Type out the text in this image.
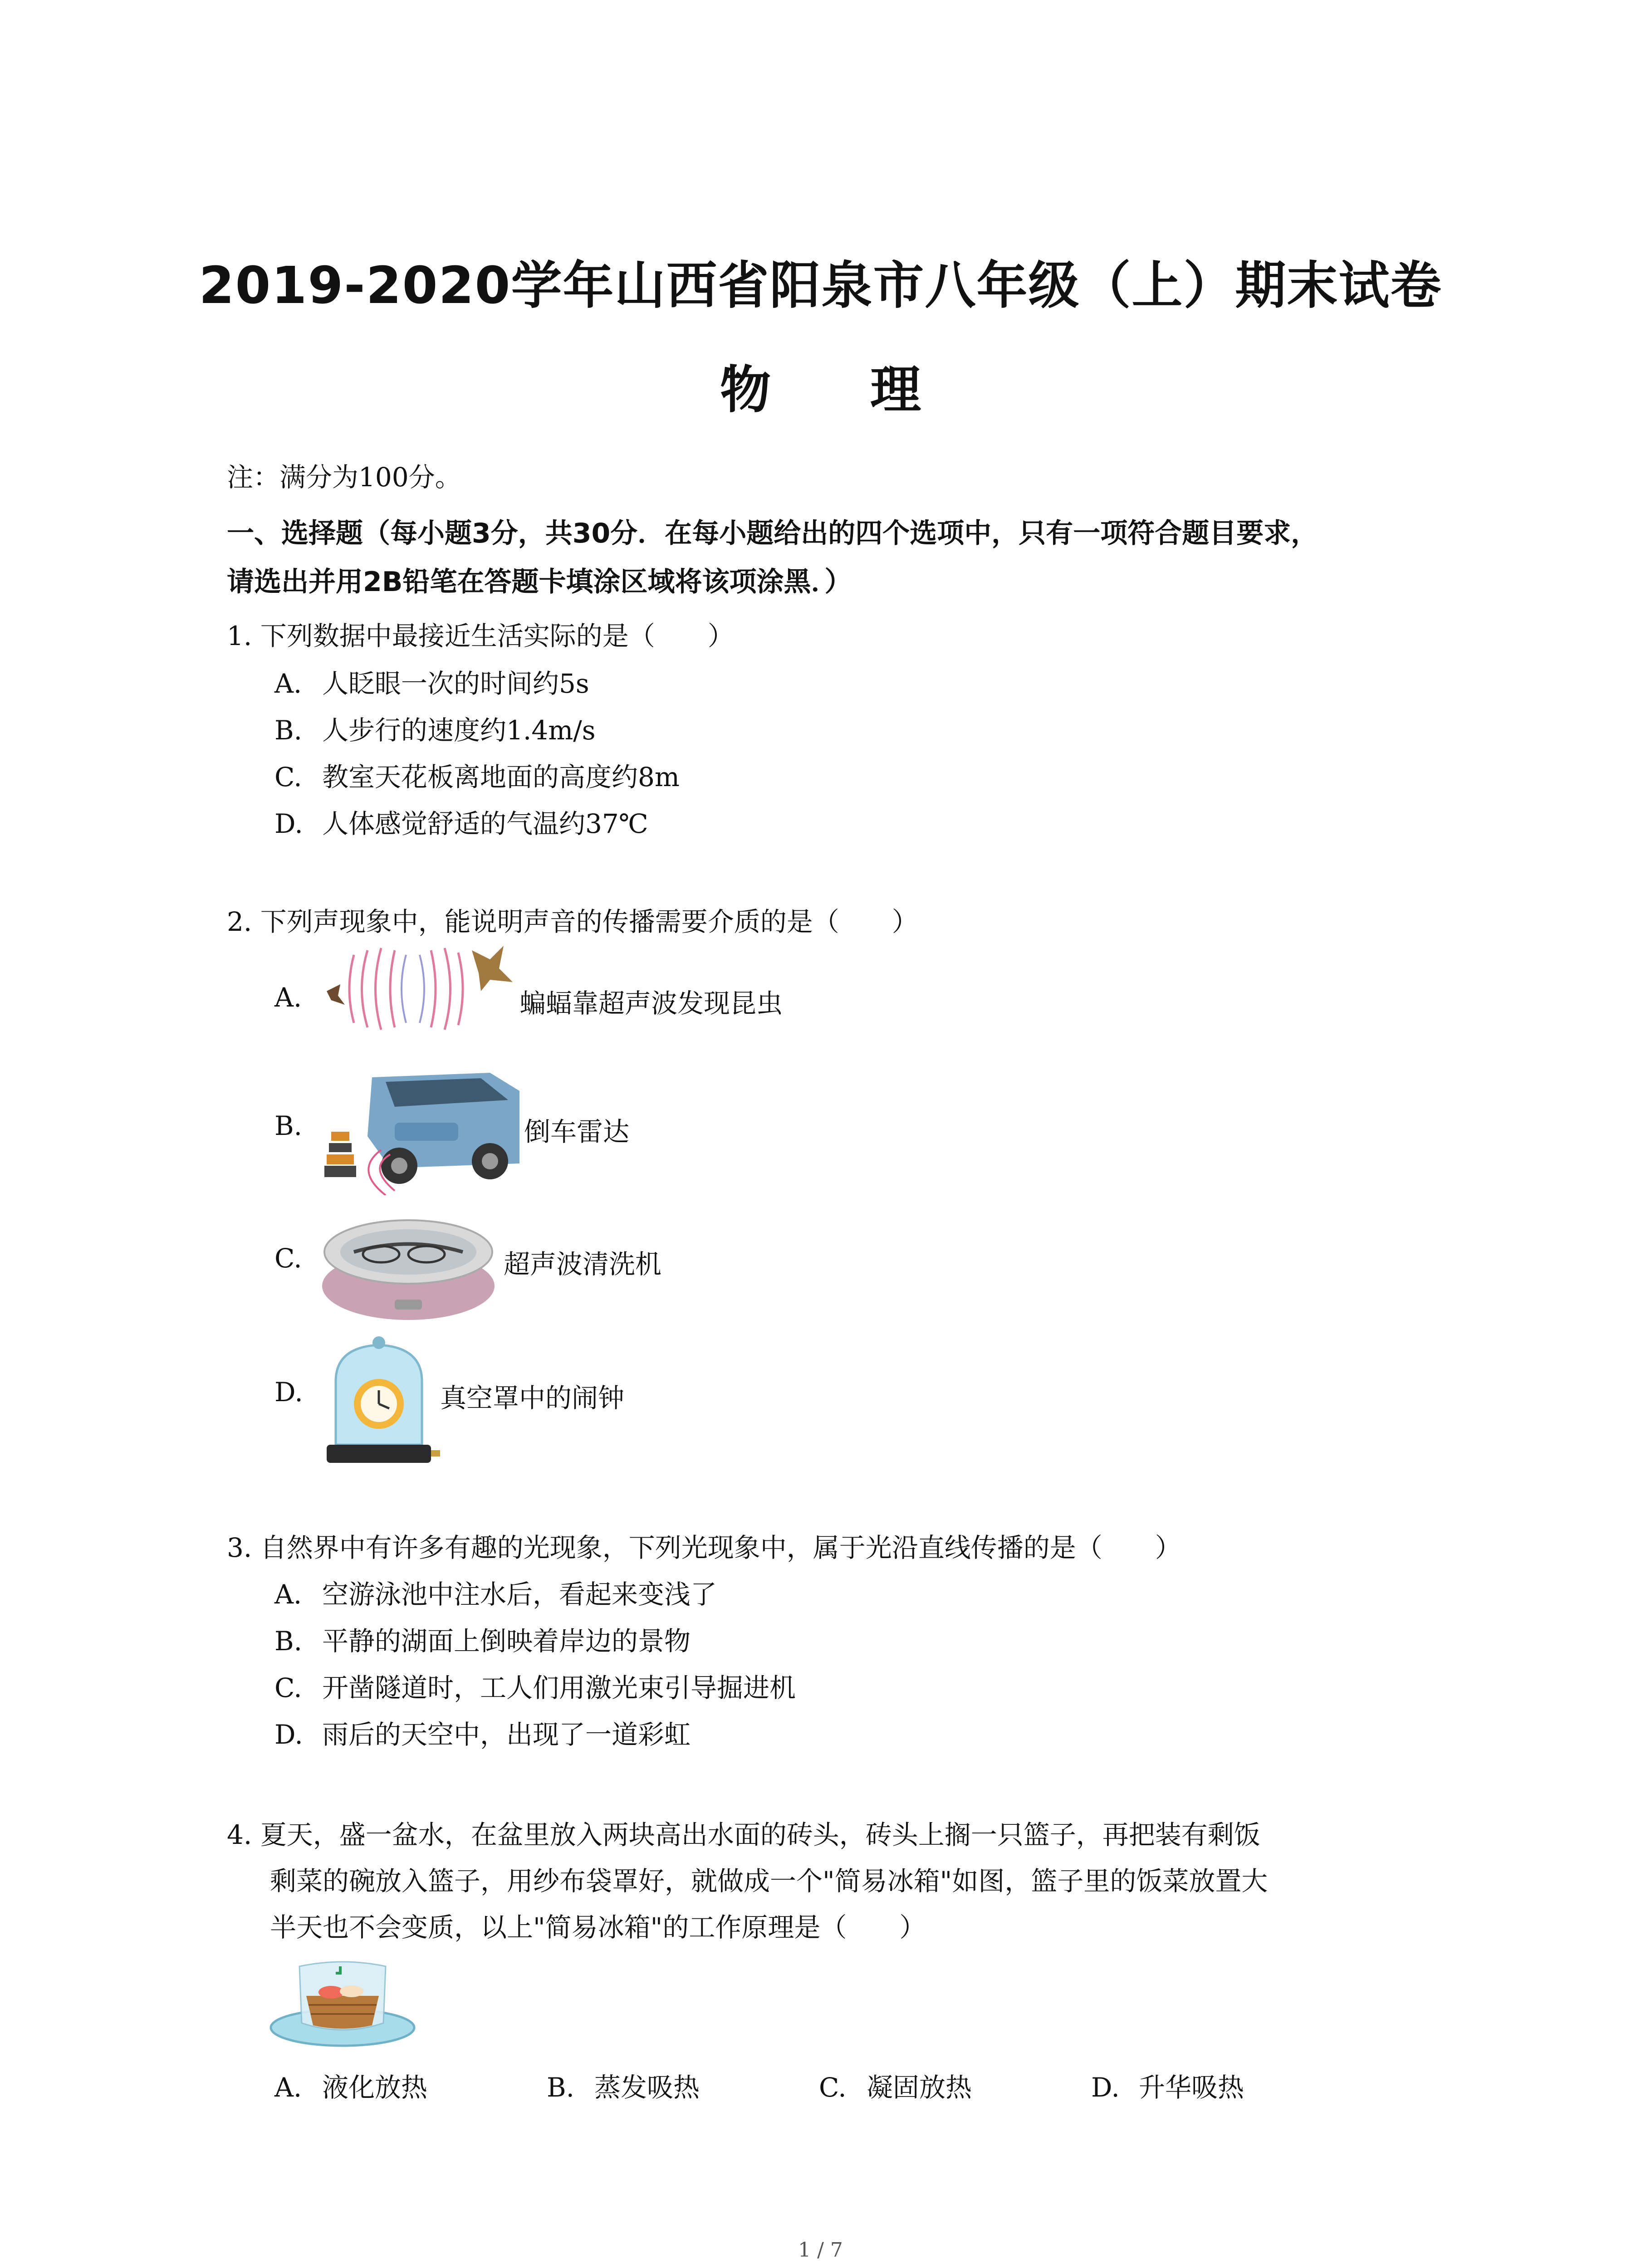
2019-2020学年山西省阳泉市八年级（上）期末试卷
物 理
注：满分为100分。
一、选择题（每小题3分，共30分．在每小题给出的四个选项中，只有一项符合题目要求，
请选出并用2B铅笔在答题卡填涂区域将该项涂黑．）
1. 下列数据中最接近生活实际的是（　　）
A. 人眨眼一次的时间约5s
B. 人步行的速度约1.4m/s
C. 教室天花板离地面的高度约8m
D. 人体感觉舒适的气温约37℃
2. 下列声现象中，能说明声音的传播需要介质的是（　　）
A.	蝙蝠靠超声波发现昆虫
B.	倒车雷达
C.	超声波清洗机
D.	真空罩中的闹钟
3. 自然界中有许多有趣的光现象，下列光现象中，属于光沿直线传播的是（　　）
A. 空游泳池中注水后，看起来变浅了
B. 平静的湖面上倒映着岸边的景物
C. 开凿隧道时，工人们用激光束引导掘进机
D. 雨后的天空中，出现了一道彩虹
4. 夏天，盛一盆水，在盆里放入两块高出水面的砖头，砖头上搁一只篮子，再把装有剩饭
剩菜的碗放入篮子，用纱布袋罩好，就做成一个"简易冰箱"如图，篮子里的饭菜放置大
半天也不会变质，以上"简易冰箱"的工作原理是（　　）
A. 液化放热	B. 蒸发吸热	C. 凝固放热	D. 升华吸热
1 / 7
